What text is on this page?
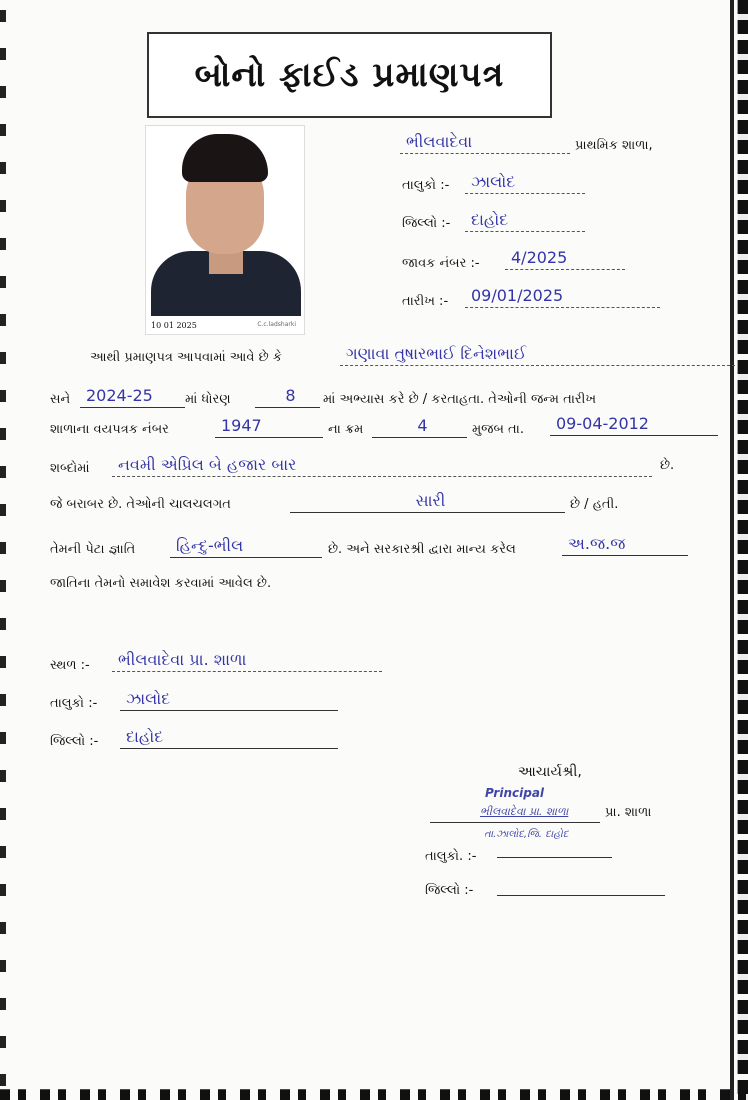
બોનો ફાઈડ પ્રમાણપત્ર
10 01 2025	C.c.ladsharki
ભીલવાદેવા	પ્રાથમિક શાળા,
તાલુકો :-	ઝાલોદ
જિલ્લો :-	દાહોદ
જાવક નંબર :-	4/2025
તારીખ :-	09/01/2025
આથી પ્રમાણપત્ર આપવામાં આવે છે કે	ગણાવા તુષારભાઈ દિનેશભાઈ
સને 2024-25	માં ધોરણ	8	માં અભ્યાસ કરે છે / કરતાહતા. તેઓની જન્મ તારીખ
શાળાના વયપત્રક નંબર	1947	ના ક્રમ	4	મુજબ તા.	09-04-2012
શબ્દોમાં	નવમી એપ્રિલ બે હજાર બાર	છે.
જે બરાબર છે. તેઓની ચાલચલગત	સારી	છે / હતી.
તેમની પેટા જ્ઞાતિ	હિન્દુ-ભીલ	છે. અને સરકારશ્રી દ્વારા માન્ય કરેલ	અ.જ.જ
જાતિના તેમનો સમાવેશ કરવામાં આવેલ છે.
સ્થળ :-	ભીલવાદેવા પ્રા. શાળા
તાલુકો :-	ઝાલોદ
જિલ્લો :-	દાહોદ
આચાર્યશ્રી,
Principal
ભીલવાદેવા પ્રા. શાળા	પ્રા. શાળા
તા.ઝાલોદ,જિ. દાહોદ
તાલુકો. :-
જિલ્લો :-
